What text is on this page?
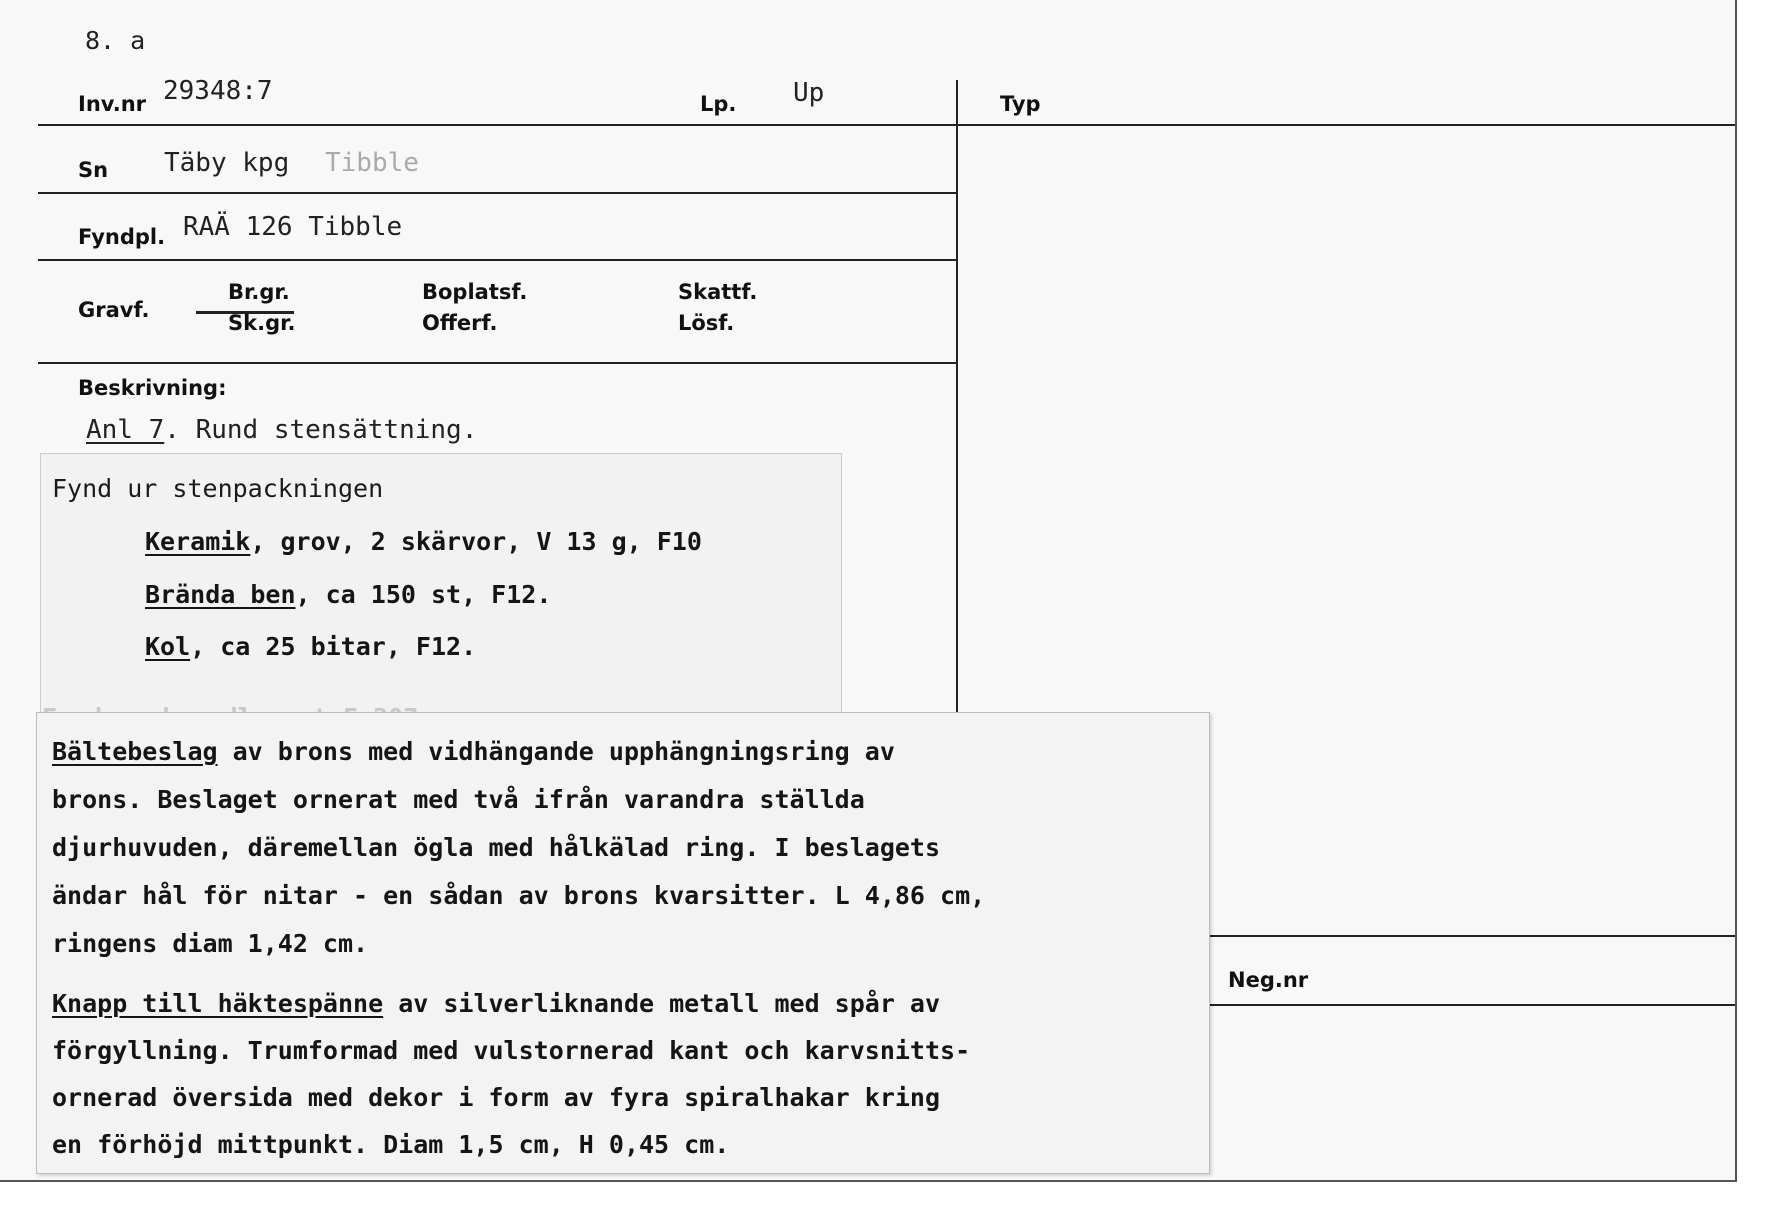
8. a
Inv.nr 29348:7	Lp. Up	Typ
Sn Täby kpg Tibble
Fyndpl. RAÄ 126 Tibble
Gravf.
Br.gr.
Sk.gr.
Boplatsf.
Offerf.
Skattf.
Lösf.
Beskrivning:
Anl 7. Rund stensättning.
Neg.nr
Fynd ur stenpackningen
Keramik, grov, 2 skärvor, V 13 g, F10
Brända ben, ca 150 st, F12.
Kol, ca 25 bitar, F12.
Bältebeslag av brons med vidhängande upphängningsring av
brons. Beslaget ornerat med två ifrån varandra ställda
djurhuvuden, däremellan ögla med hålkälad ring. I beslagets
ändar hål för nitar - en sådan av brons kvarsitter. L 4,86 cm,
ringens diam 1,42 cm.
Knapp till häktespänne av silverliknande metall med spår av
förgyllning. Trumformad med vulstornerad kant och karvsnitts-
ornerad översida med dekor i form av fyra spiralhakar kring
en förhöjd mittpunkt. Diam 1,5 cm, H 0,45 cm.
